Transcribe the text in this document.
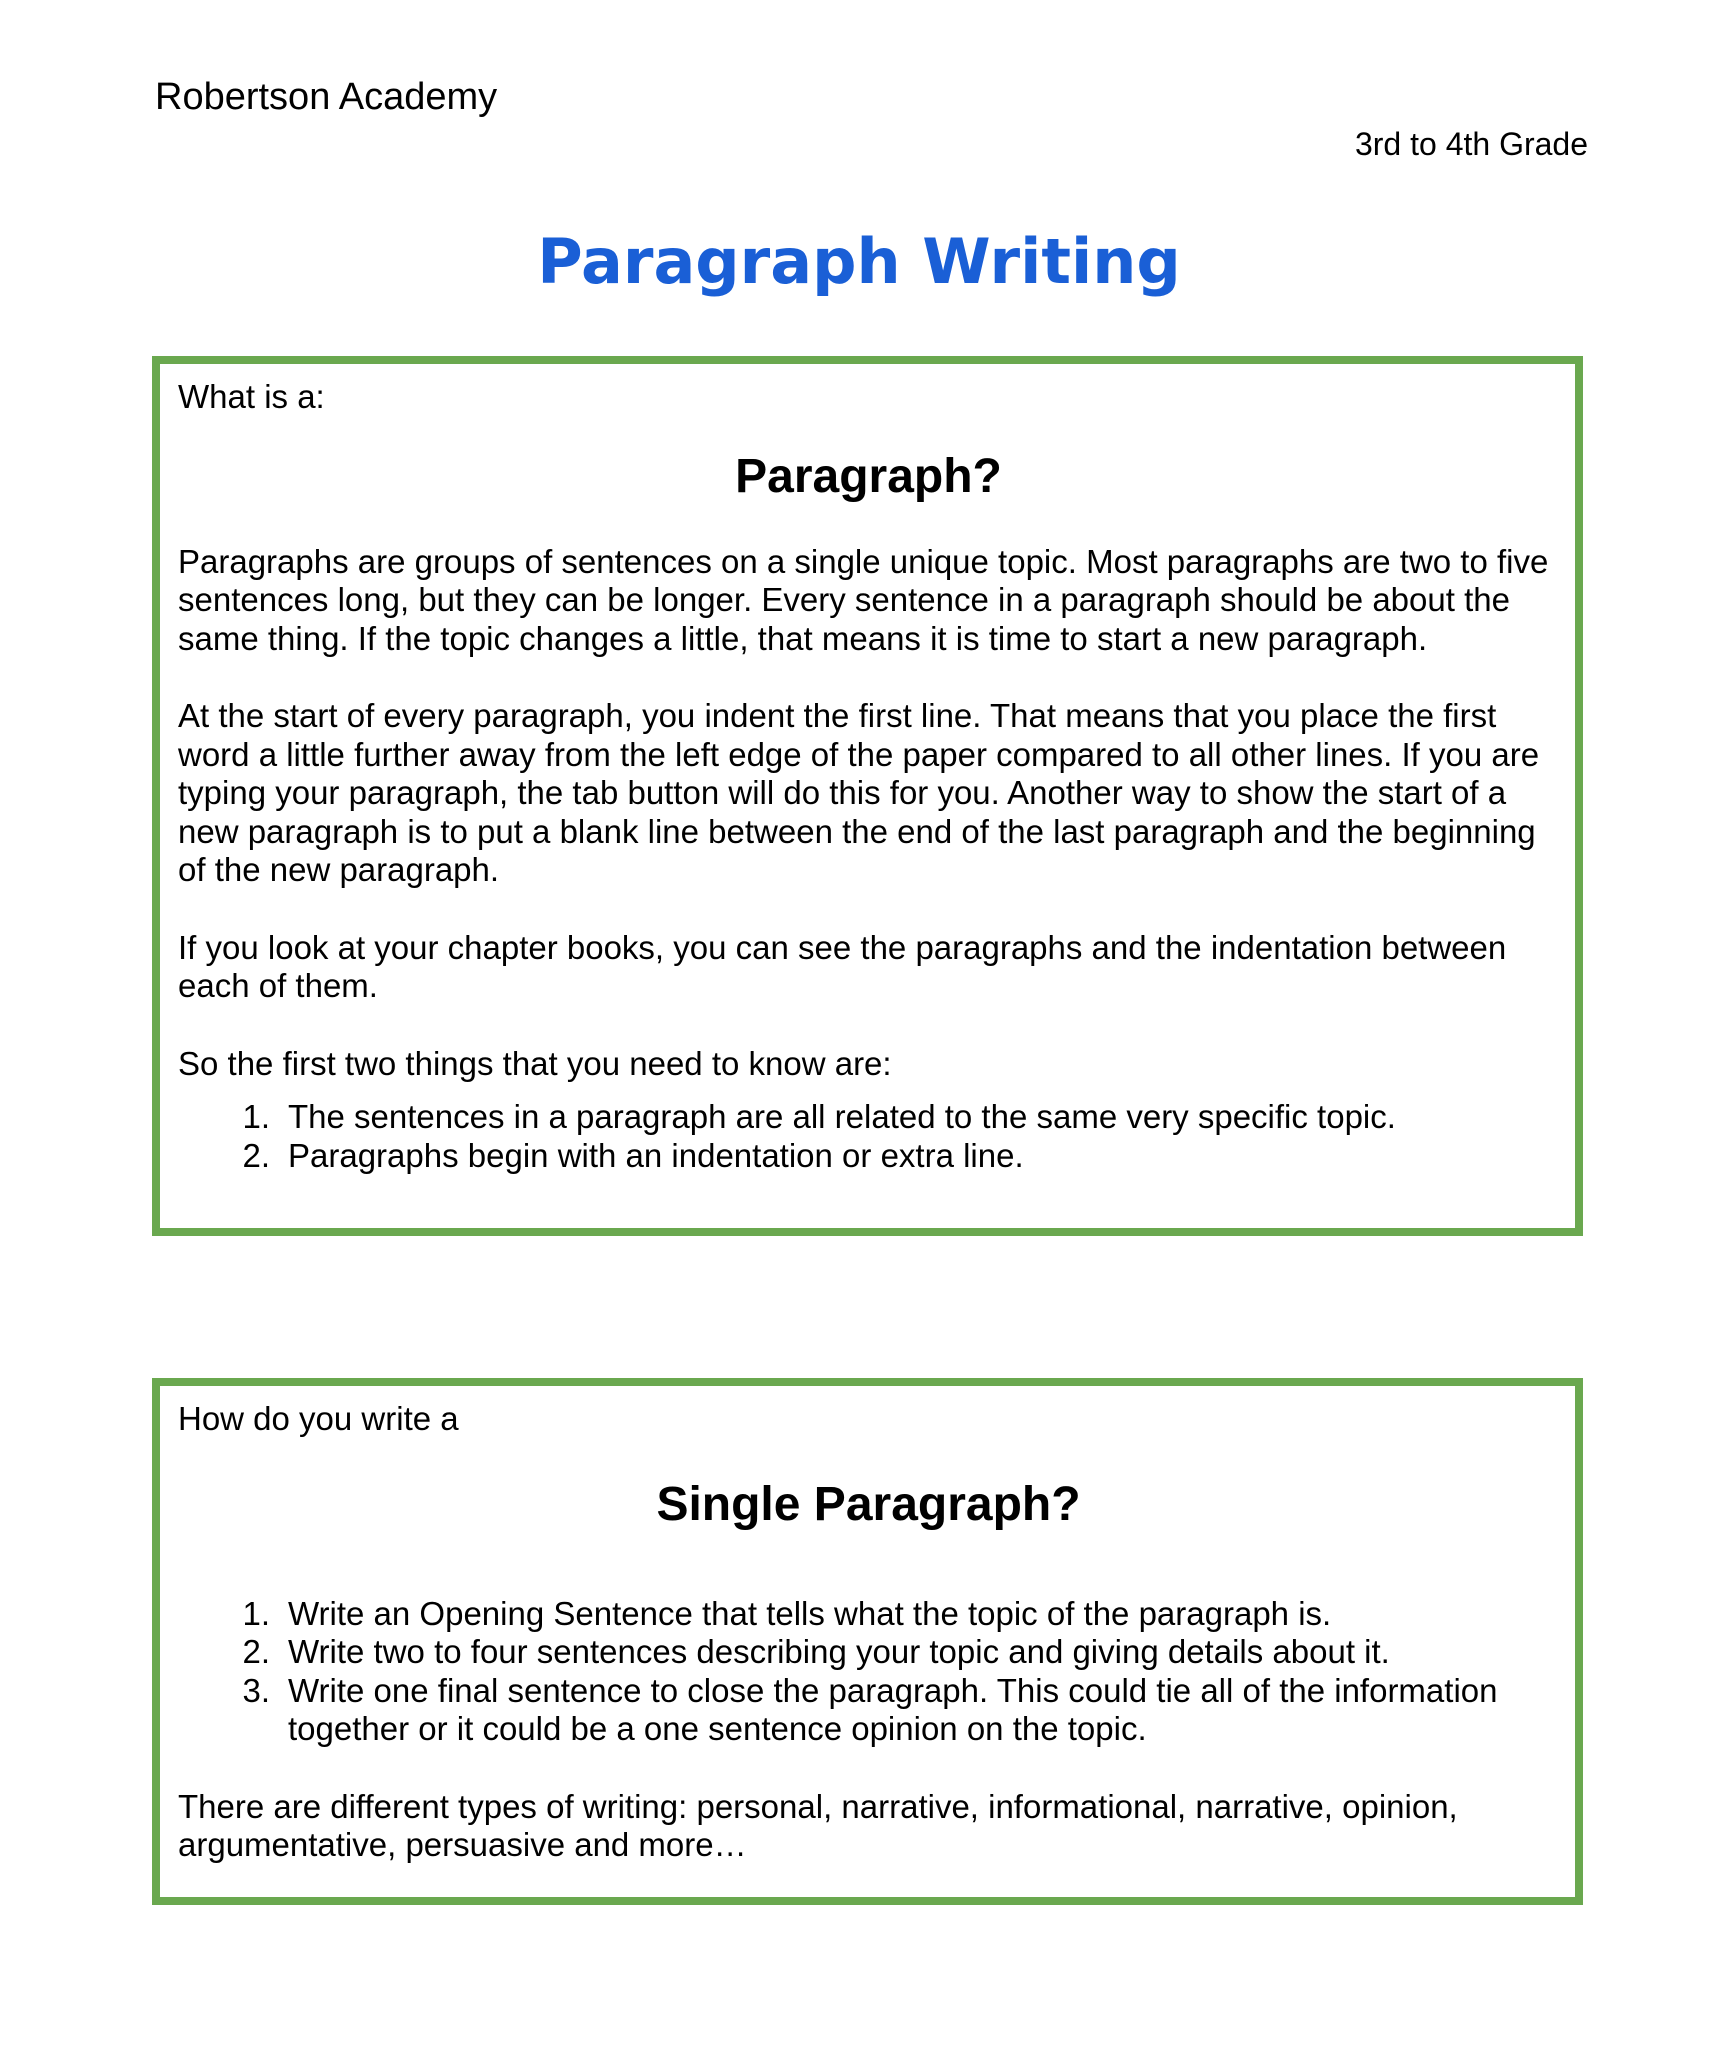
Robertson Academy
3rd to 4th Grade
Paragraph Writing

What is a:

Paragraph?

Paragraphs are groups of sentences on a single unique topic. Most paragraphs are two to five sentences long, but they can be longer. Every sentence in a paragraph should be about the same thing. If the topic changes a little, that means it is time to start a new paragraph.

At the start of every paragraph, you indent the first line. That means that you place the first word a little further away from the left edge of the paper compared to all other lines. If you are typing your paragraph, the tab button will do this for you. Another way to show the start of a new paragraph is to put a blank line between the end of the last paragraph and the beginning of the new paragraph.

If you look at your chapter books, you can see the paragraphs and the indentation between each of them.

So the first two things that you need to know are:

1. The sentences in a paragraph are all related to the same very specific topic.
2. Paragraphs begin with an indentation or extra line.

How do you write a

Single Paragraph?

1. Write an Opening Sentence that tells what the topic of the paragraph is.
2. Write two to four sentences describing your topic and giving details about it.
3. Write one final sentence to close the paragraph. This could tie all of the information together or it could be a one sentence opinion on the topic.

There are different types of writing: personal, narrative, informational, narrative, opinion, argumentative, persuasive and more…
